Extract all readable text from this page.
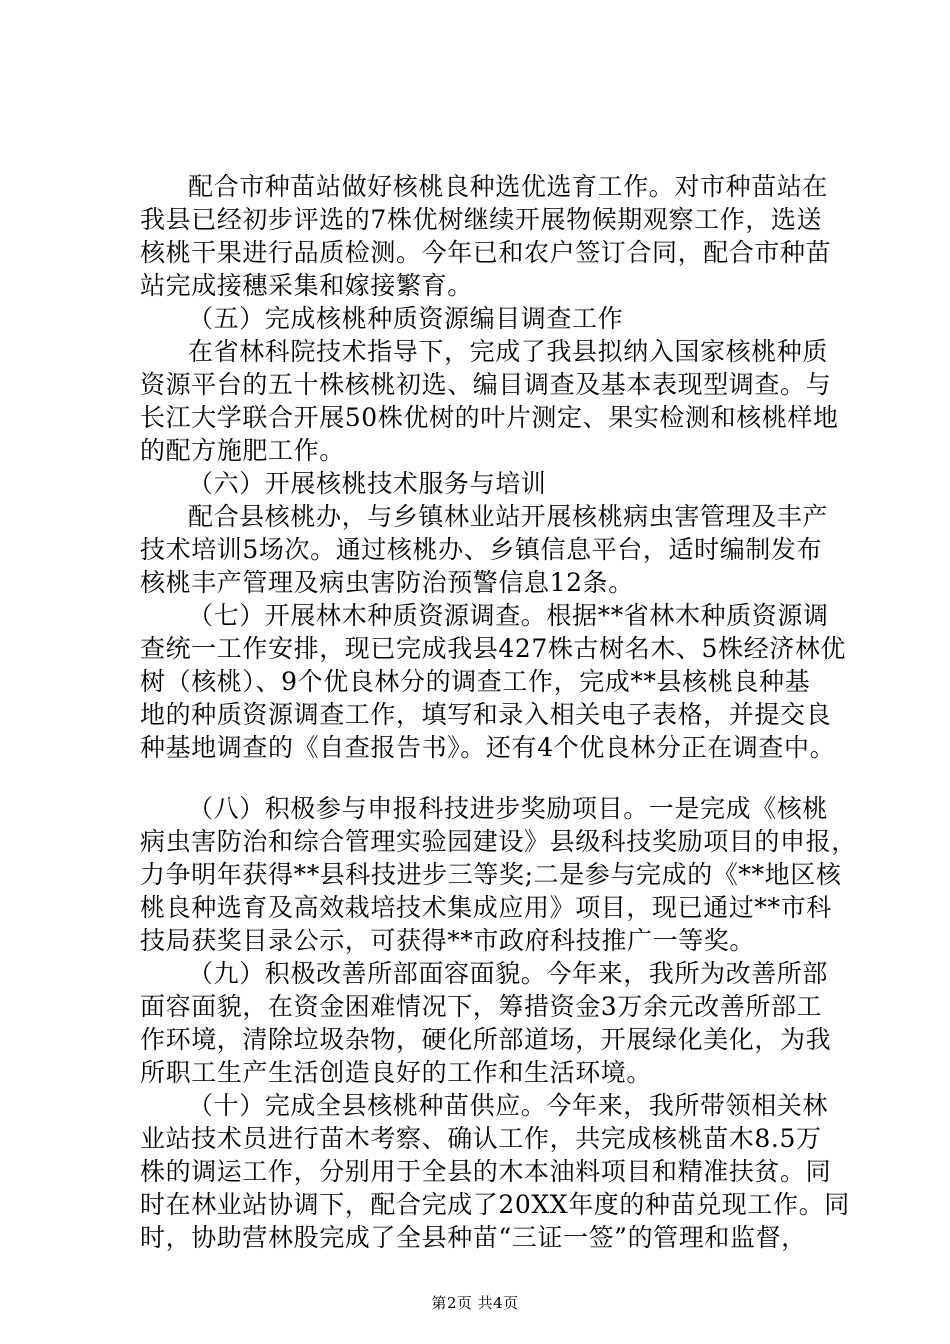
配合市种苗站做好核桃良种选优选育工作。对市种苗站在
我县已经初步评选的7株优树继续开展物候期观察工作，选送
核桃干果进行品质检测。今年已和农户签订合同，配合市种苗
站完成接穗采集和嫁接繁育。
（五）完成核桃种质资源编目调查工作
在省林科院技术指导下，完成了我县拟纳入国家核桃种质
资源平台的五十株核桃初选、编目调查及基本表现型调查。与
长江大学联合开展50株优树的叶片测定、果实检测和核桃样地
的配方施肥工作。
（六）开展核桃技术服务与培训
配合县核桃办，与乡镇林业站开展核桃病虫害管理及丰产
技术培训5场次。通过核桃办、乡镇信息平台，适时编制发布
核桃丰产管理及病虫害防治预警信息12条。
（七）开展林木种质资源调查。根据**省林木种质资源调
查统一工作安排，现已完成我县427株古树名木、5株经济林优
树（核桃）、9个优良林分的调查工作，完成**县核桃良种基
地的种质资源调查工作，填写和录入相关电子表格，并提交良
种基地调查的《自查报告书》。还有4个优良林分正在调查中。
（八）积极参与申报科技进步奖励项目。一是完成《核桃
病虫害防治和综合管理实验园建设》县级科技奖励项目的申报，
力争明年获得**县科技进步三等奖;二是参与完成的《**地区核
桃良种选育及高效栽培技术集成应用》项目，现已通过**市科
技局获奖目录公示，可获得**市政府科技推广一等奖。
（九）积极改善所部面容面貌。今年来，我所为改善所部
面容面貌，在资金困难情况下，筹措资金3万余元改善所部工
作环境，清除垃圾杂物，硬化所部道场，开展绿化美化，为我
所职工生产生活创造良好的工作和生活环境。
（十）完成全县核桃种苗供应。今年来，我所带领相关林
业站技术员进行苗木考察、确认工作，共完成核桃苗木8.5万
株的调运工作，分别用于全县的木本油料项目和精准扶贫。同
时在林业站协调下，配合完成了20XX年度的种苗兑现工作。同
时，协助营林股完成了全县种苗“三证一签”的管理和监督，
第2页 共4页
